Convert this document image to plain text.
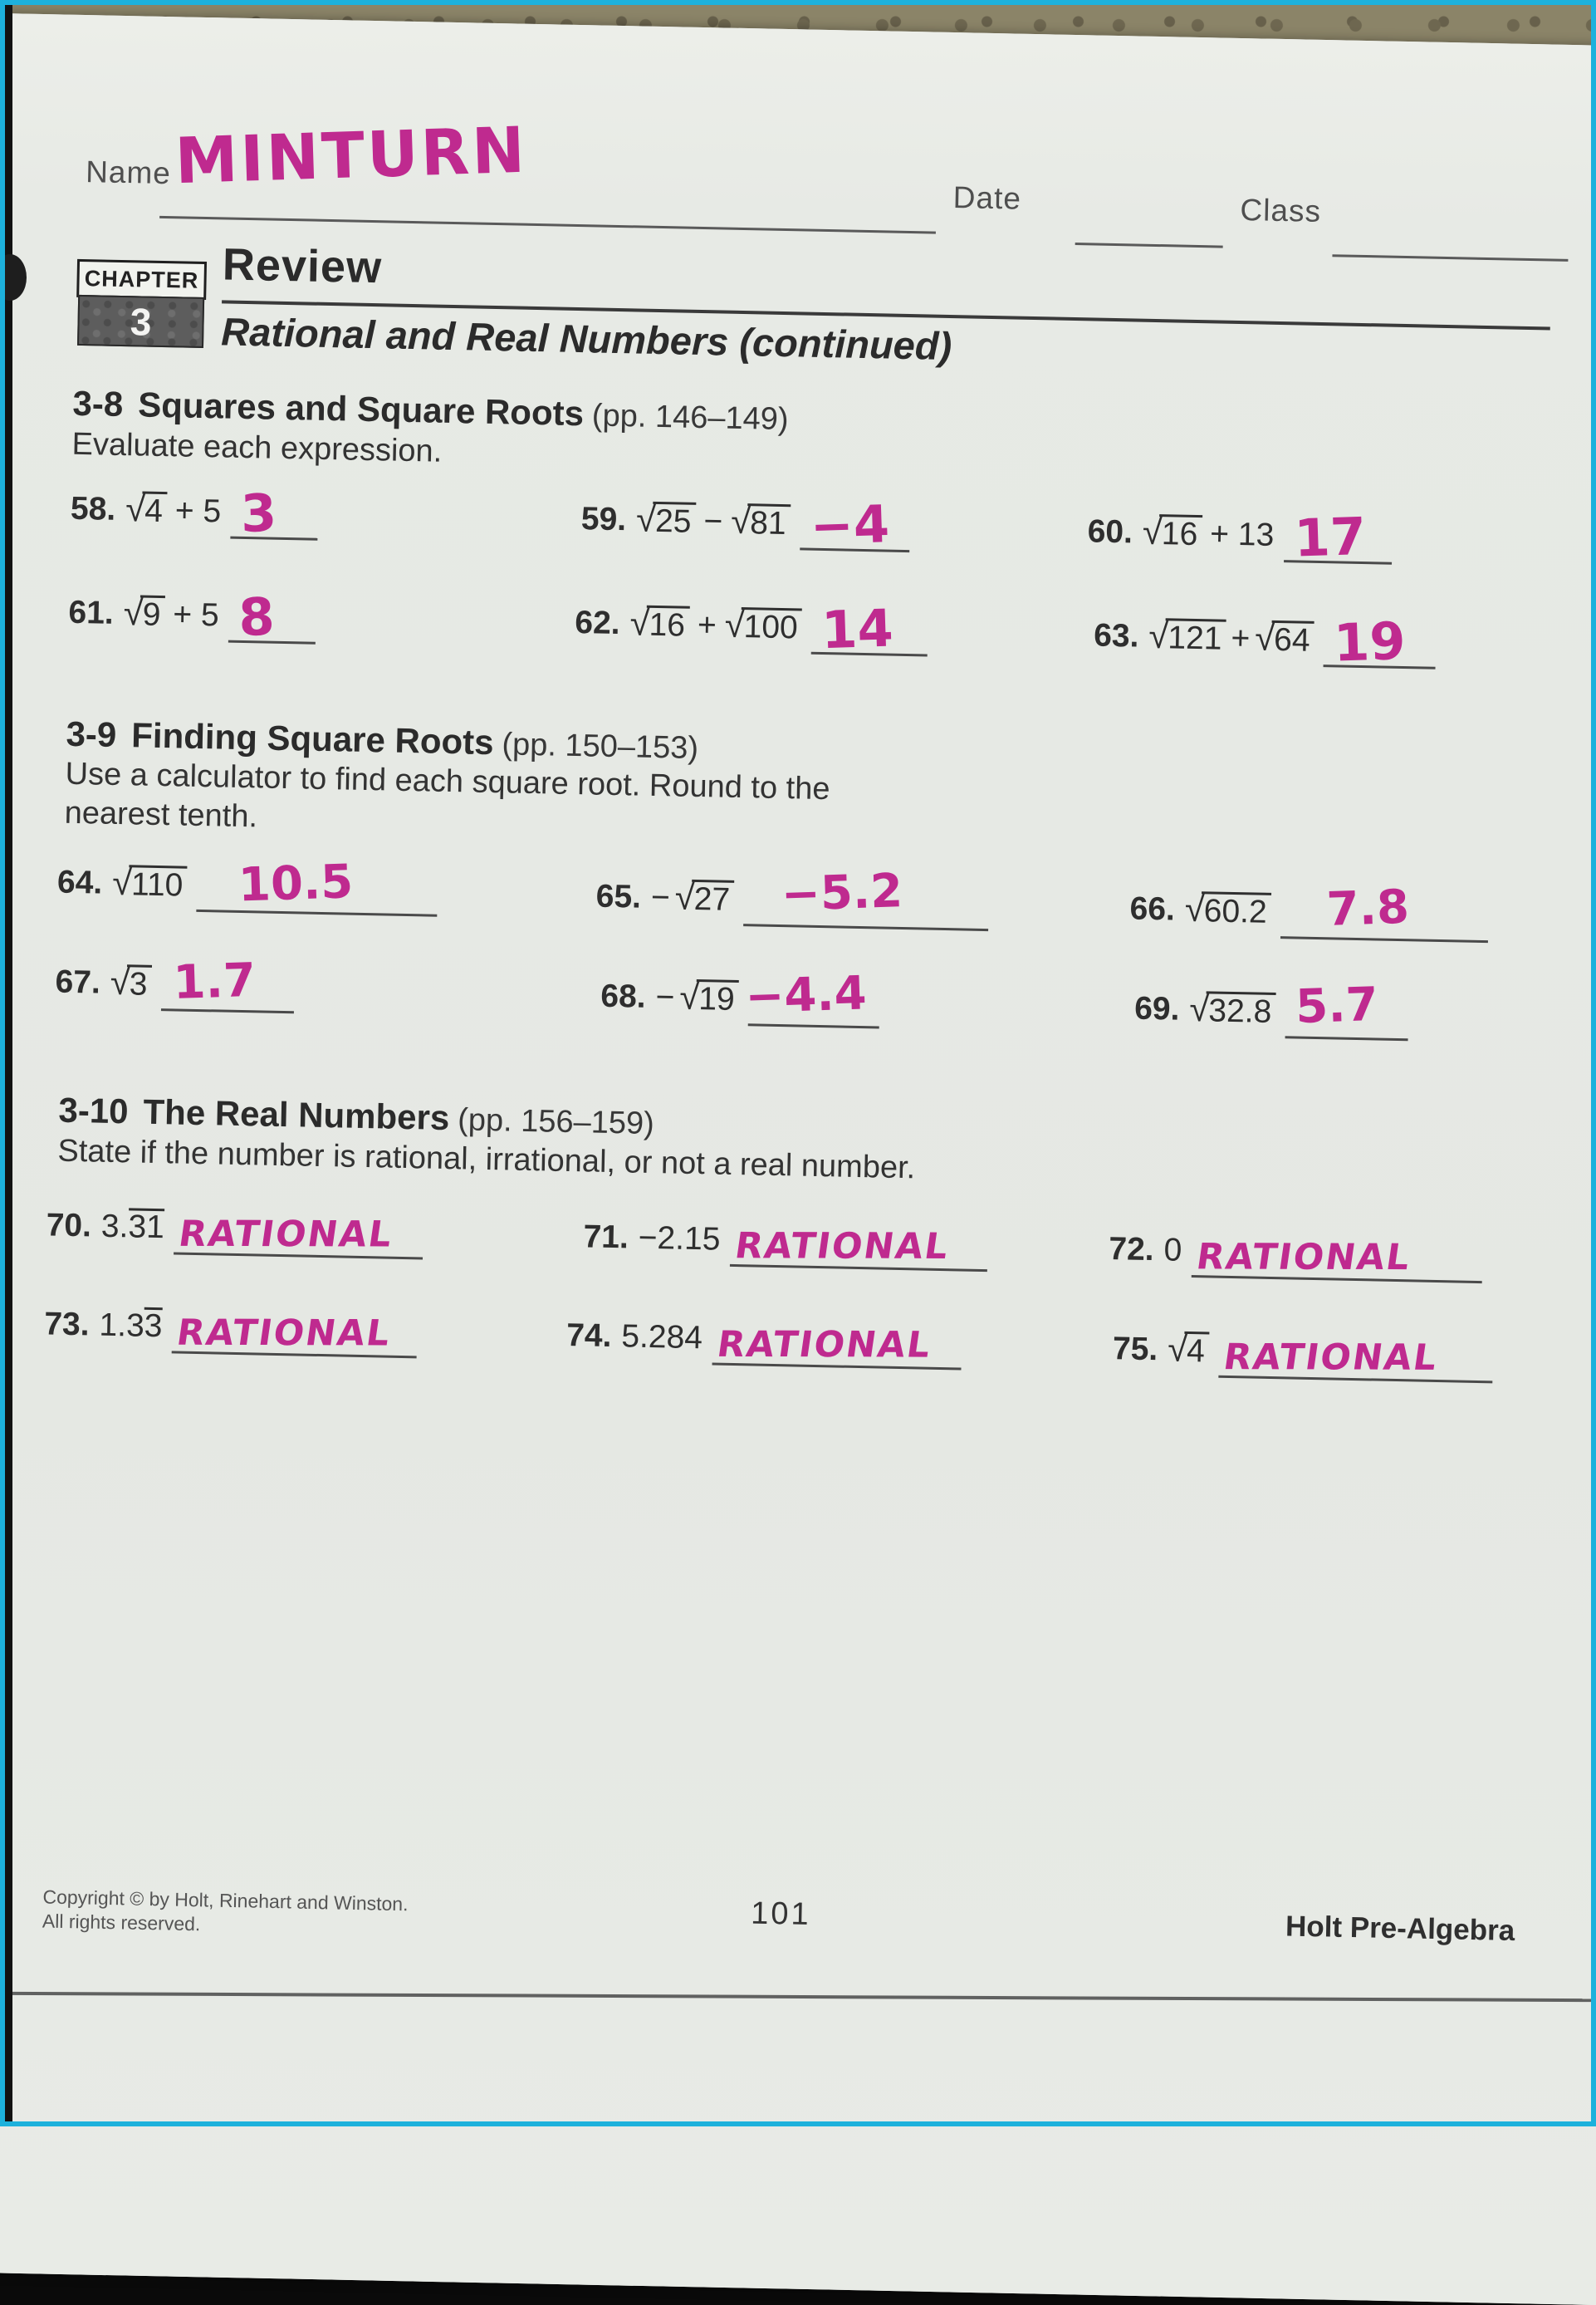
Name MINTURN
Date	Class
CHAPTER
3
Review
Rational and Real Numbers (continued)
3-8 Squares and Square Roots (pp. 146–149)
Evaluate each expression.
58. √ 4 + 5 3	59. √ 25 − √ 81 −4	60. √ 16 + 13 17
61. √ 9 + 5 8	62. √ 16 + √ 100 14	63. √ 121 + √ 64 19
3-9 Finding Square Roots (pp. 150–153)
Use a calculator to find each square root. Round to the
nearest tenth.
64. √ 110 10.5	65. − √ 27 −5.2	66. √ 60.2 7.8
67. √ 3 1.7	68. − √ 19 −4.4	69. √ 32.8 5.7
3-10 The Real Numbers (pp. 156–159)
State if the number is rational, irrational, or not a real number.
70. 3.31 RATIONAL	71. −2.15 RATIONAL	72. 0 RATIONAL
73. 1.33 RATIONAL	74. 5.284 RATIONAL	75. √ 4 RATIONAL
Copyright © by Holt, Rinehart and Winston.
All rights reserved.	101	Holt Pre-Algebra
